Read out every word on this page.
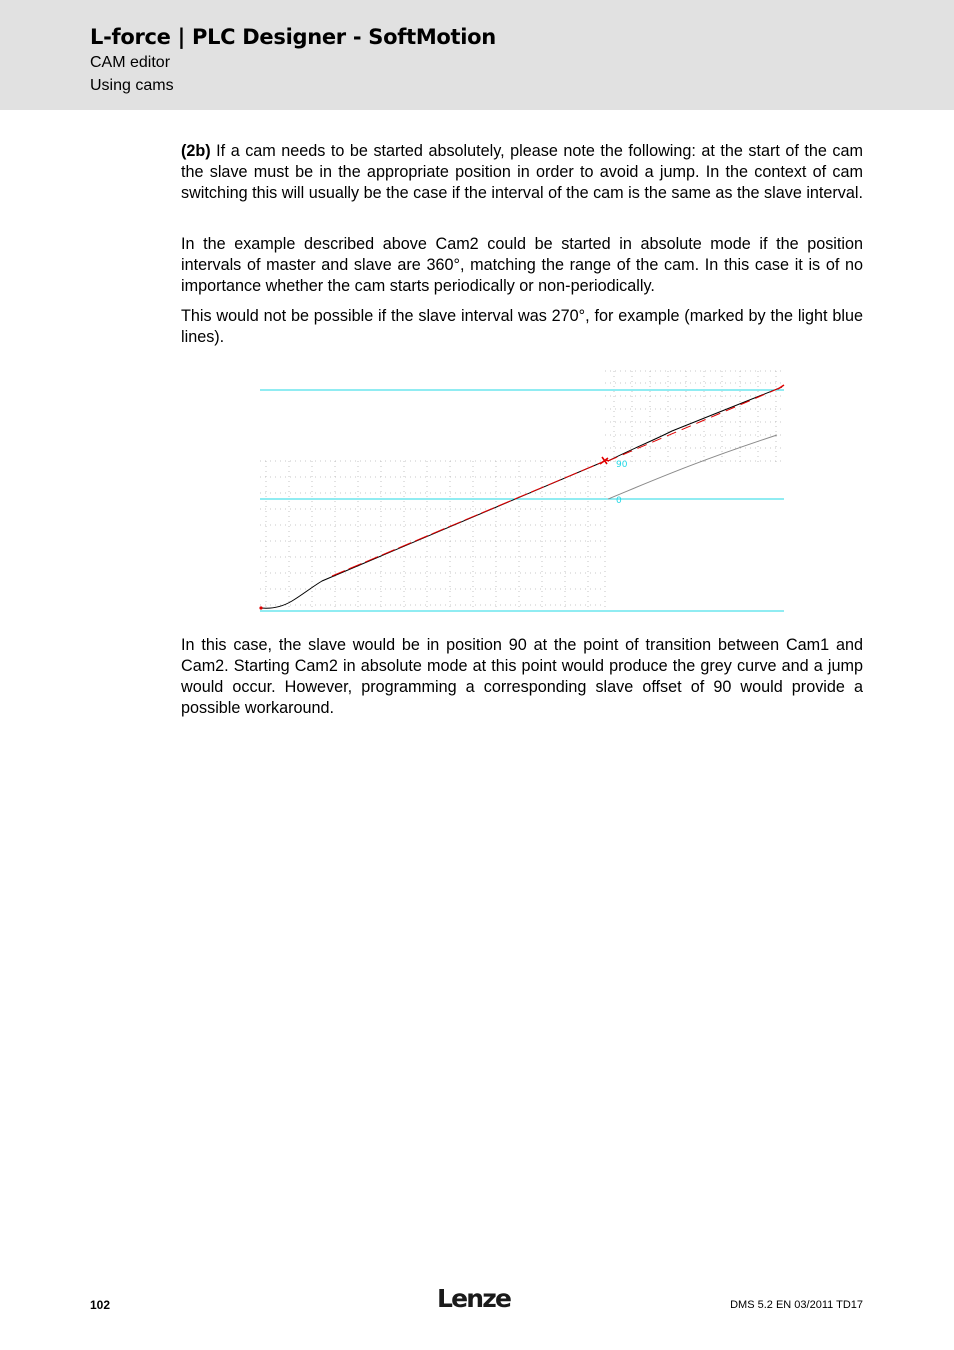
L-force | PLC Designer - SoftMotion
CAM editor
Using cams

(2b) If a cam needs to be started absolutely, please note the following: at the start of the cam the slave must be in the appropriate position in order to avoid a jump. In the context of cam switching this will usually be the case if the interval of the cam is the same as the slave interval.

In the example described above Cam2 could be started in absolute mode if the position intervals of master and slave are 360°, matching the range of the cam. In this case it is of no importance whether the cam starts periodically or non-periodically.
This would not be possible if the slave interval was 270°, for example (marked by the light blue lines).
90
0
In this case, the slave would be in position 90 at the point of transition between Cam1 and Cam2. Starting Cam2 in absolute mode at this point would produce the grey curve and a jump would occur. However, programming a corresponding slave offset of 90 would provide a possible workaround.
102	Lenze	DMS 5.2 EN 03/2011 TD17
